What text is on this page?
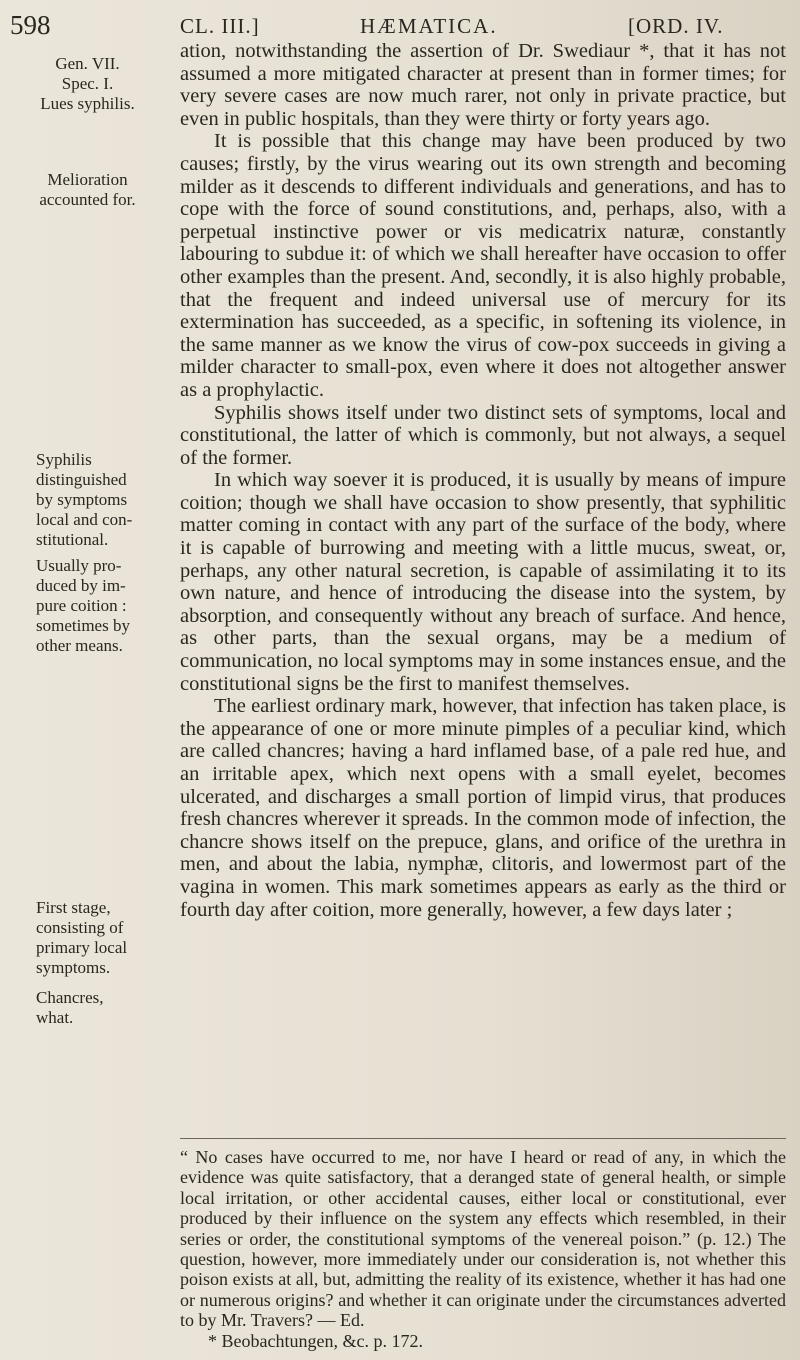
598	CL. III.]	HÆMATICA.	[ORD. IV.
Gen. VII.
Spec. I.
Lues syphilis.
Melioration
accounted for.
Syphilis
distinguished
by symptoms
local and con-
stitutional.
Usually pro-
duced by im-
pure coition :
sometimes by
other means.
First stage,
consisting of
primary local
symptoms.
Chancres,
what.

ation, notwithstanding the assertion of Dr. Swediaur *, that it has not assumed a more mitigated character at present than in former times; for very severe cases are now much rarer, not only in private practice, but even in public hospitals, than they were thirty or forty years ago.

It is possible that this change may have been produced by two causes; firstly, by the virus wearing out its own strength and becoming milder as it descends to different individuals and generations, and has to cope with the force of sound constitutions, and, perhaps, also, with a perpetual instinctive power or vis medicatrix naturæ, constantly labouring to subdue it: of which we shall hereafter have occasion to offer other examples than the present. And, secondly, it is also highly probable, that the frequent and indeed universal use of mercury for its extermination has succeeded, as a specific, in softening its violence, in the same manner as we know the virus of cow-pox succeeds in giving a milder character to small-pox, even where it does not altogether answer as a prophylactic.

Syphilis shows itself under two distinct sets of symptoms, local and constitutional, the latter of which is commonly, but not always, a sequel of the former.

In which way soever it is produced, it is usually by means of impure coition; though we shall have occasion to show presently, that syphilitic matter coming in contact with any part of the surface of the body, where it is capable of burrowing and meeting with a little mucus, sweat, or, perhaps, any other natural secretion, is capable of assimilating it to its own nature, and hence of introducing the disease into the system, by absorption, and consequently without any breach of surface. And hence, as other parts, than the sexual organs, may be a medium of communication, no local symptoms may in some instances ensue, and the constitutional signs be the first to manifest themselves.

The earliest ordinary mark, however, that infection has taken place, is the appearance of one or more minute pimples of a peculiar kind, which are called chancres; having a hard inflamed base, of a pale red hue, and an irritable apex, which next opens with a small eyelet, becomes ulcerated, and discharges a small portion of limpid virus, that produces fresh chancres wherever it spreads. In the common mode of infection, the chancre shows itself on the prepuce, glans, and orifice of the urethra in men, and about the labia, nymphæ, clitoris, and lowermost part of the vagina in women. This mark sometimes appears as early as the third or fourth day after coition, more generally, however, a few days later ;

“ No cases have occurred to me, nor have I heard or read of any, in which the evidence was quite satisfactory, that a deranged state of general health, or simple local irritation, or other accidental causes, either local or constitutional, ever produced by their influence on the system any effects which resembled, in their series or order, the constitutional symptoms of the venereal poison.” (p. 12.) The question, however, more immediately under our consideration is, not whether this poison exists at all, but, admitting the reality of its existence, whether it has had one or numerous origins? and whether it can originate under the circumstances adverted to by Mr. Travers? — Ed.

* Beobachtungen, &c. p. 172.
